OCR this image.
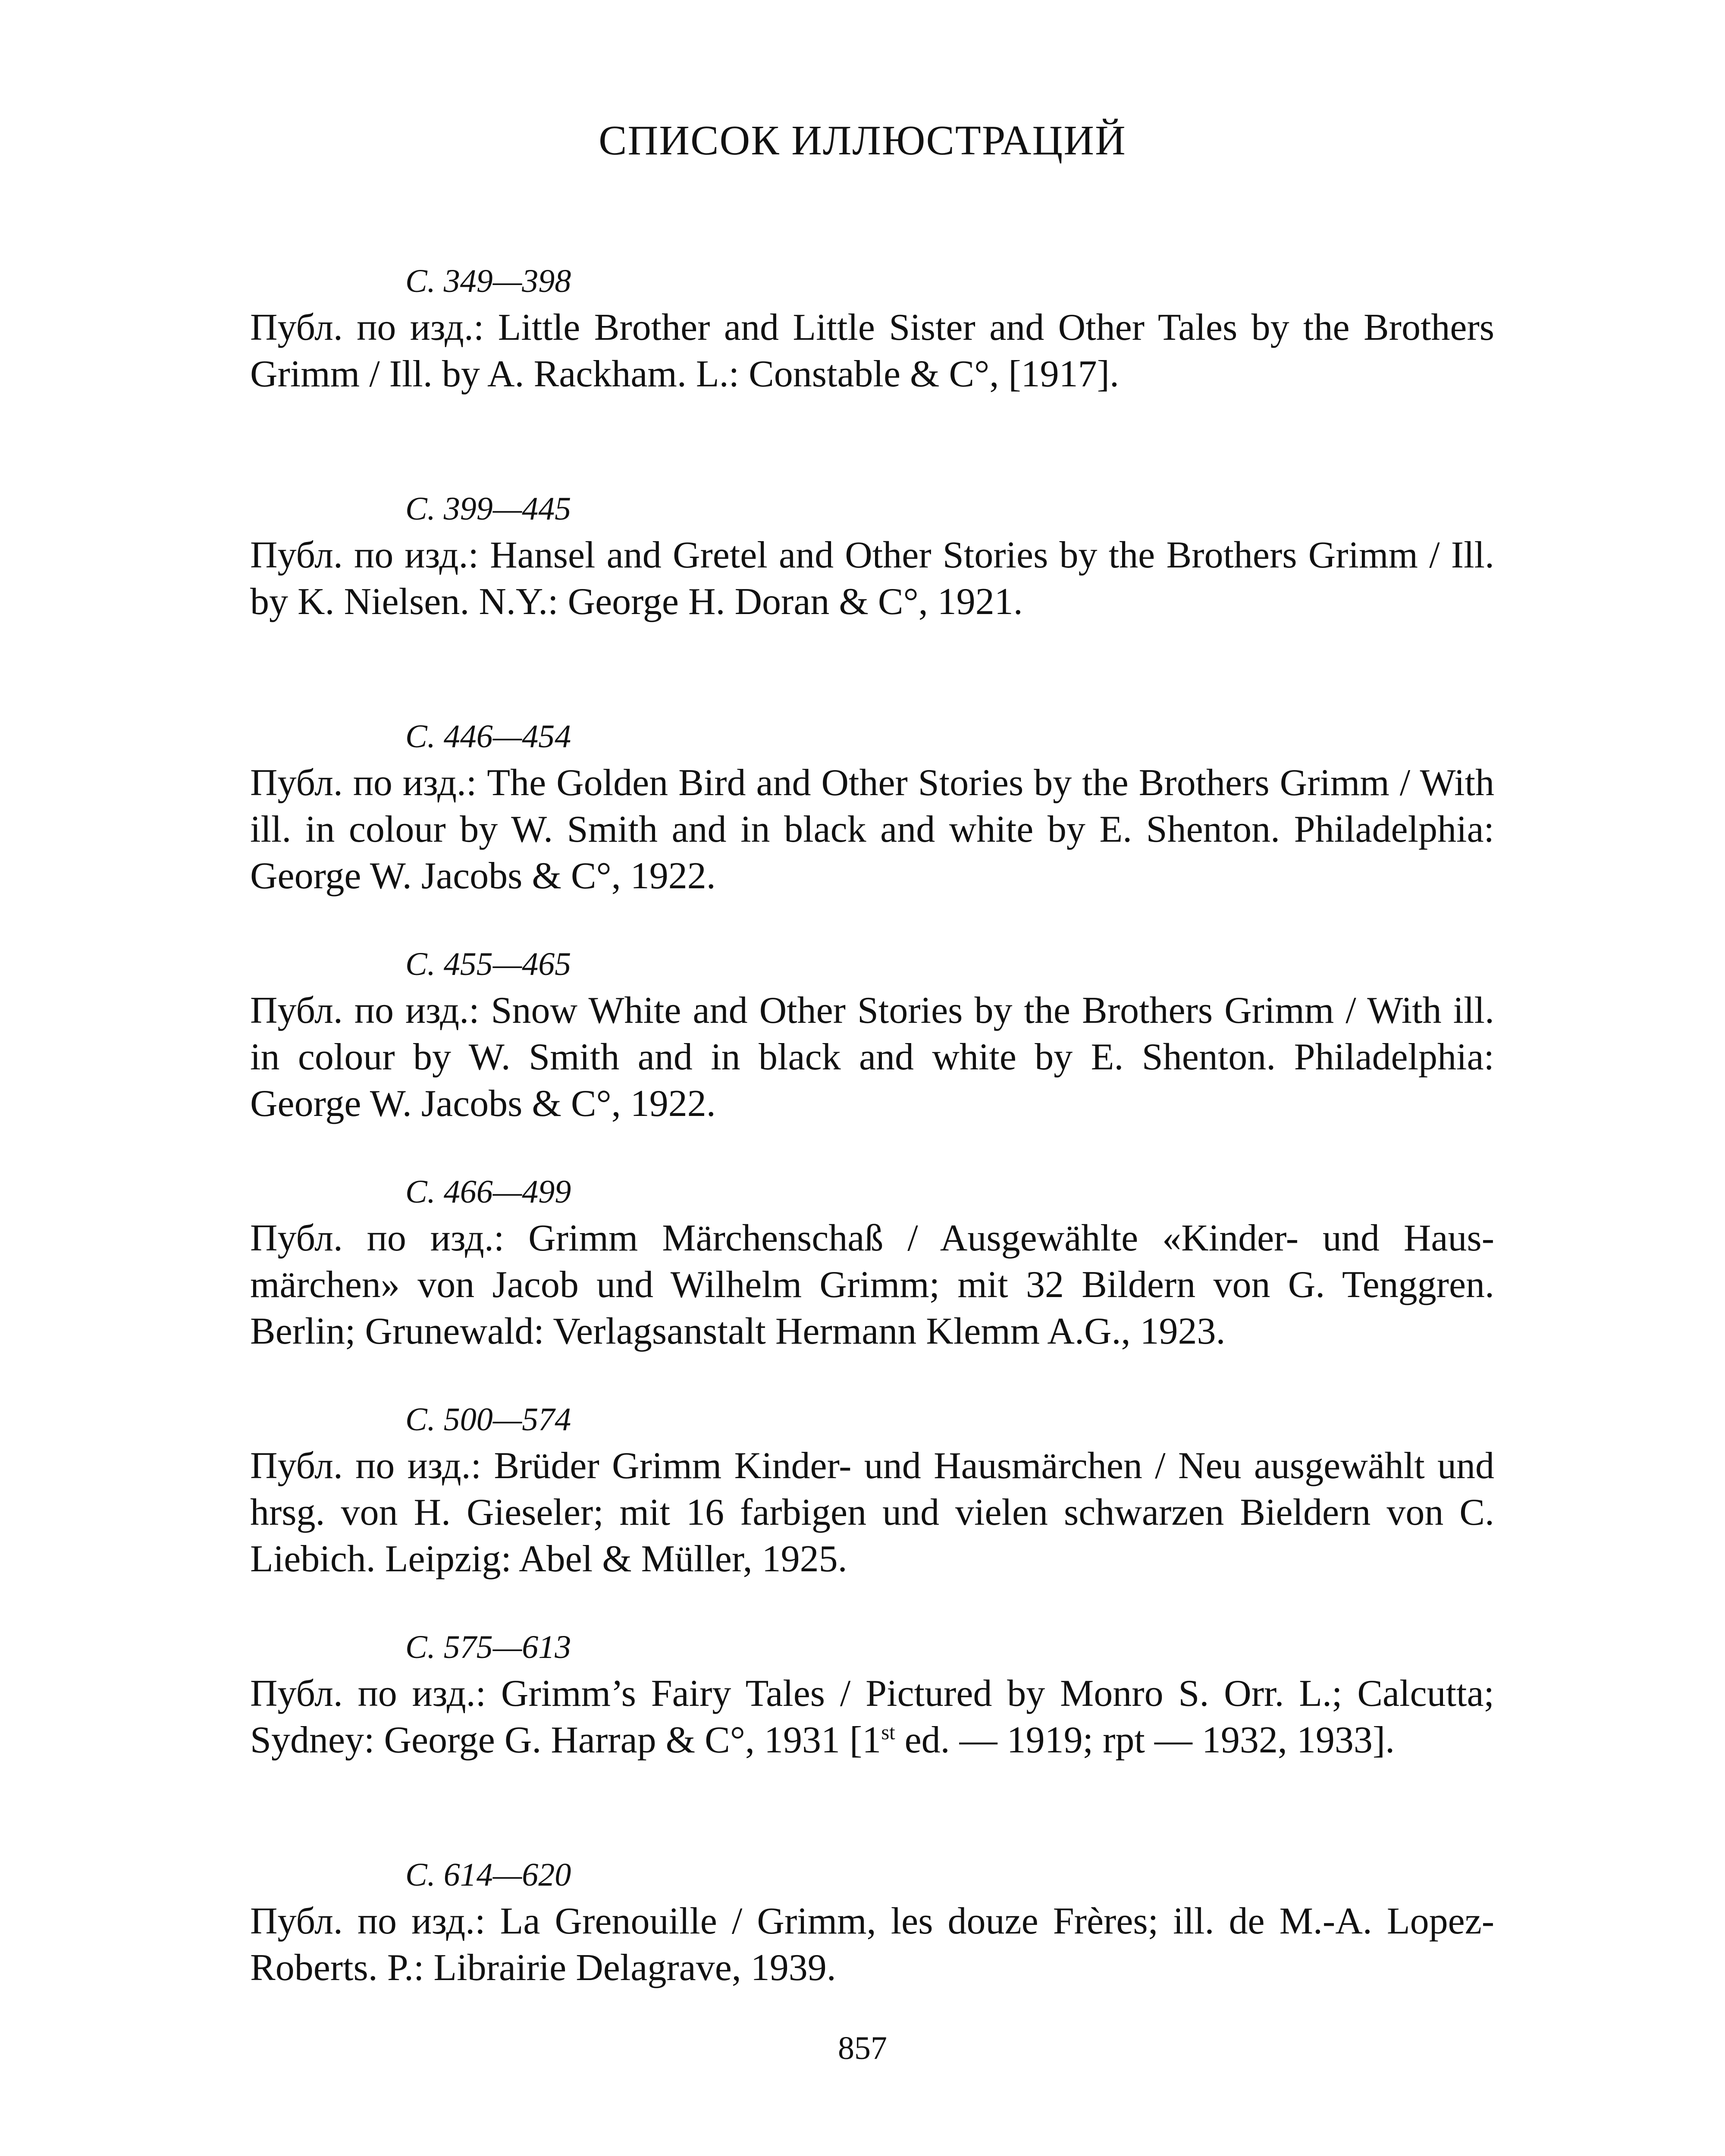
СПИСОК ИЛЛЮСТРАЦИЙ
С. 349—398
Публ. по изд.: Little Brother and Little Sister and Other Tales by the Brothers Grimm / Ill. by A. Rackham. L.: Constable & C°, [1917].
С. 399—445
Публ. по изд.: Hansel and Gretel and Other Stories by the Brothers Grimm / Ill. by K. Nielsen. N.Y.: George H. Doran & C°, 1921.
С. 446—454
Публ. по изд.: The Golden Bird and Other Stories by the Brothers Grimm / With ill. in colour by W. Smith and in black and white by E. Shenton. Philadelphia: George W. Jacobs & C°, 1922.
С. 455—465
Публ. по изд.: Snow White and Other Stories by the Brothers Grimm / With ill. in colour by W. Smith and in black and white by E. Shenton. Philadelphia: George W. Jacobs & C°, 1922.
С. 466—499
Публ. по изд.: Grimm Märchenschaß / Ausgewählte «Kinder- und Hausmärchen» von Jacob und Wilhelm Grimm; mit 32 Bildern von G. Tenggren. Berlin; Grunewald: Verlagsanstalt Hermann Klemm A.G., 1923.
С. 500—574
Публ. по изд.: Brüder Grimm Kinder- und Hausmärchen / Neu ausgewählt und hrsg. von H. Gieseler; mit 16 farbigen und vielen schwarzen Bieldern von C. Liebich. Leipzig: Abel & Müller, 1925.
С. 575—613
Публ. по изд.: Grimm’s Fairy Tales / Pictured by Monro S. Orr. L.; Calcutta; Sydney: George G. Harrap & C°, 1931 [1st ed. — 1919; rpt — 1932, 1933].
С. 614—620
Публ. по изд.: La Grenouille / Grimm, les douze Frères; ill. de M.-A. Lopez-Roberts. P.: Librairie Delagrave, 1939.
857
